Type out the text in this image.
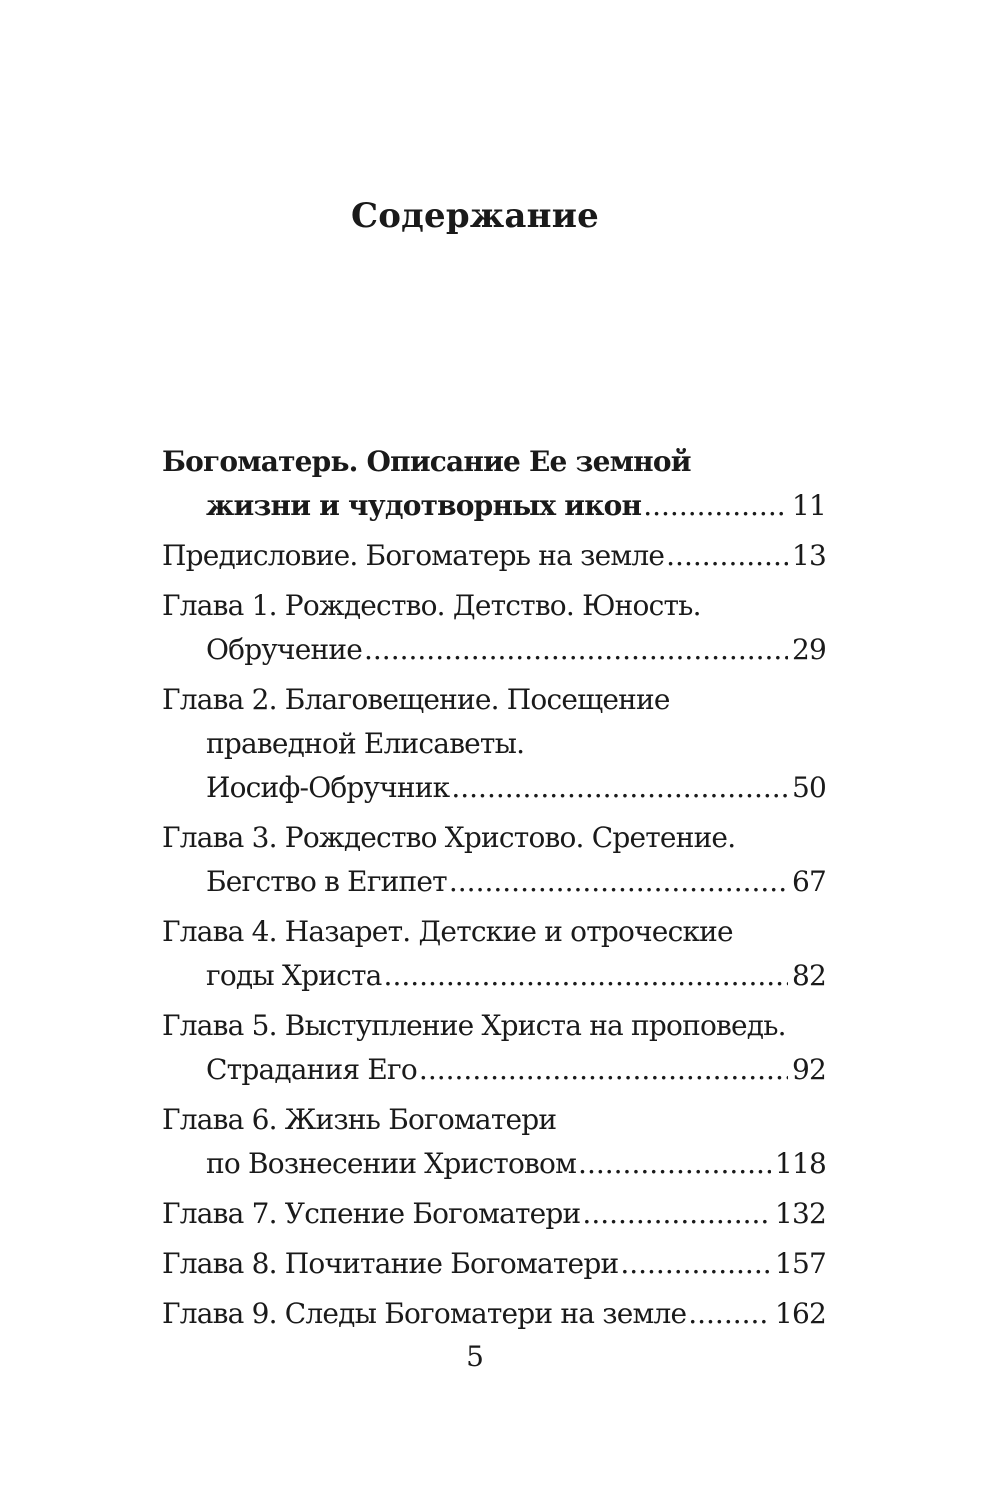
Содержание
Богоматерь. Описание Ее земной
жизни и чудотворных икон .....	11
Предисловие. Богоматерь на земле .....	13
Глава 1. Рождество. Детство. Юность.
Обручение .....	29
Глава 2. Благовещение. Посещение
праведной Елисаветы.
Иосиф-Обручник .....	50
Глава 3. Рождество Христово. Сретение.
Бегство в Египет .....	67
Глава 4. Назарет. Детские и отроческие
годы Христа .....	82
Глава 5. Выступление Христа на проповедь.
Страдания Его .....	92
Глава 6. Жизнь Богоматери
по Вознесении Христовом .....	118
Глава 7. Успение Богоматери .....	132
Глава 8. Почитание Богоматери .....	157
Глава 9. Следы Богоматери на земле .....	162
5
